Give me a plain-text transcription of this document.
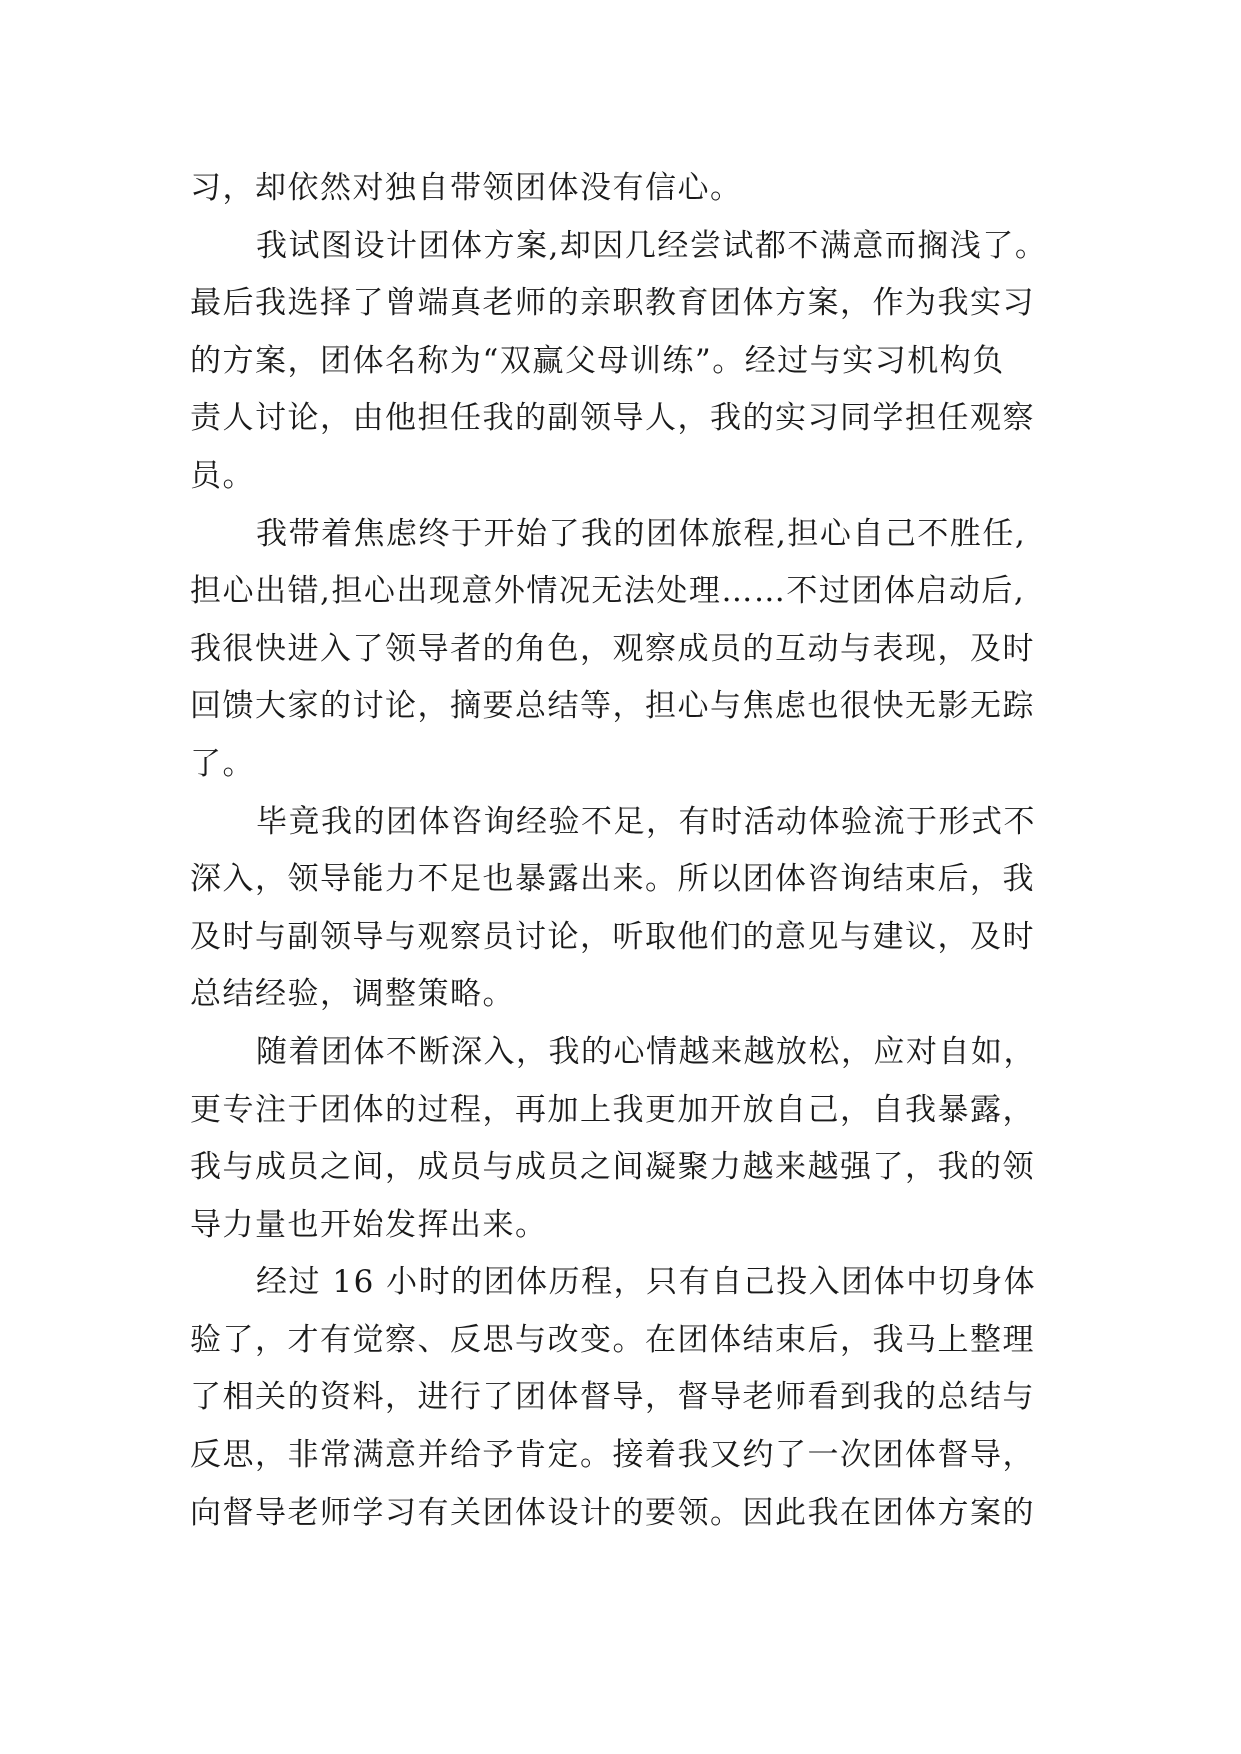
习，却依然对独自带领团体没有信心。

我试图设计团体方案,却因几经尝试都不满意而搁浅了。

最后我选择了曾端真老师的亲职教育团体方案，作为我实习

的方案，团体名称为“双赢父母训练”。经过与实习机构负

责人讨论，由他担任我的副领导人，我的实习同学担任观察

员。

我带着焦虑终于开始了我的团体旅程,担心自己不胜任,

担心出错,担心出现意外情况无法处理……不过团体启动后,

我很快进入了领导者的角色，观察成员的互动与表现，及时

回馈大家的讨论，摘要总结等，担心与焦虑也很快无影无踪

了。

毕竟我的团体咨询经验不足，有时活动体验流于形式不

深入，领导能力不足也暴露出来。所以团体咨询结束后，我

及时与副领导与观察员讨论，听取他们的意见与建议，及时

总结经验，调整策略。

随着团体不断深入，我的心情越来越放松，应对自如，

更专注于团体的过程，再加上我更加开放自己，自我暴露，

我与成员之间，成员与成员之间凝聚力越来越强了，我的领

导力量也开始发挥出来。

经过 16 小时的团体历程，只有自己投入团体中切身体

验了，才有觉察、反思与改变。在团体结束后，我马上整理

了相关的资料，进行了团体督导，督导老师看到我的总结与

反思，非常满意并给予肯定。接着我又约了一次团体督导，

向督导老师学习有关团体设计的要领。因此我在团体方案的
